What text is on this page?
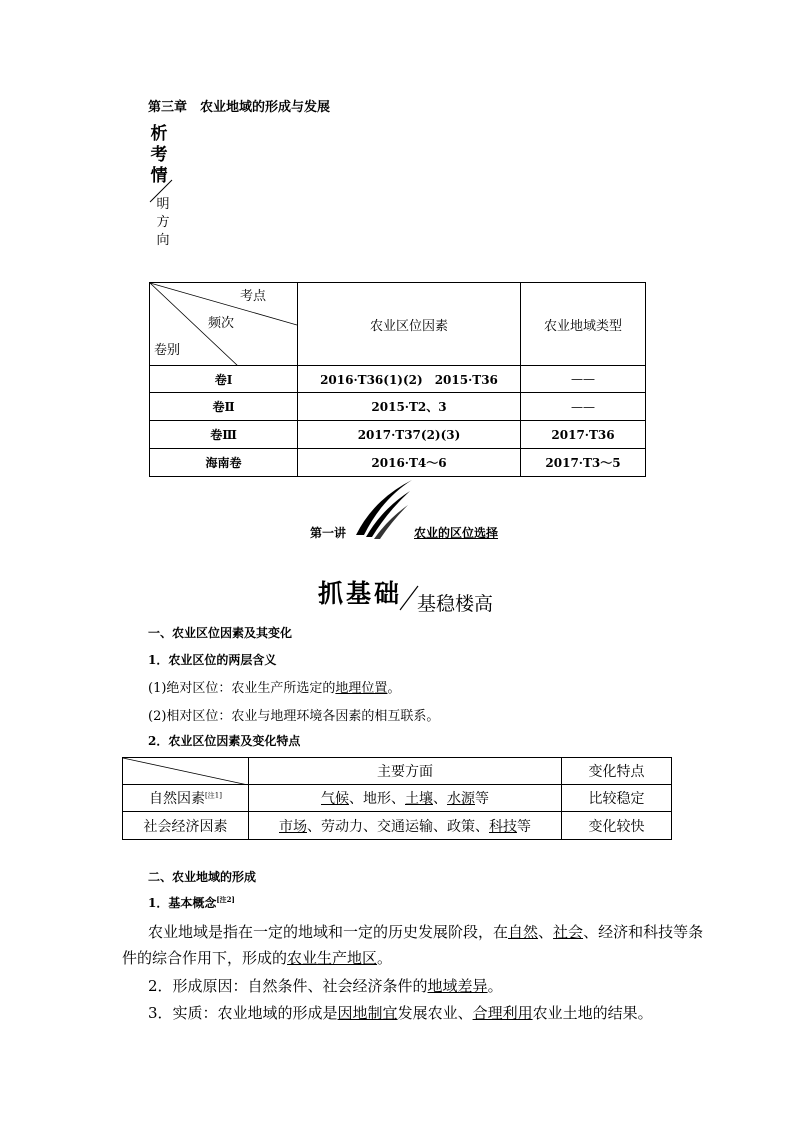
第三章　农业地域的形成与发展
析
考
情
明
方
向
考点
频次
卷别	农业区位因素	农业地域类型
卷Ⅰ	2016·T36(1)(2)　2015·T36	——
卷Ⅱ	2015·T2、3	——
卷Ⅲ	2017·T37(2)(3)	2017·T36
海南卷	2016·T4～6	2017·T3～5
第一讲	农业的区位选择
抓基础 基稳楼高
一、农业区位因素及其变化
1．农业区位的两层含义
(1)绝对区位：农业生产所选定的地理位置。
(2)相对区位：农业与地理环境各因素的相互联系。
2．农业区位因素及变化特点
	主要方面	变化特点
自然因素[注1]	气候、地形、土壤、水源等	比较稳定
社会经济因素	市场、劳动力、交通运输、政策、科技等	变化较快
二、农业地域的形成
1．基本概念[注2]
农业地域是指在一定的地域和一定的历史发展阶段，在自然、社会、经济和科技等条
件的综合作用下，形成的农业生产地区。
2．形成原因：自然条件、社会经济条件的地域差异。
3．实质：农业地域的形成是因地制宜发展农业、合理利用农业土地的结果。
